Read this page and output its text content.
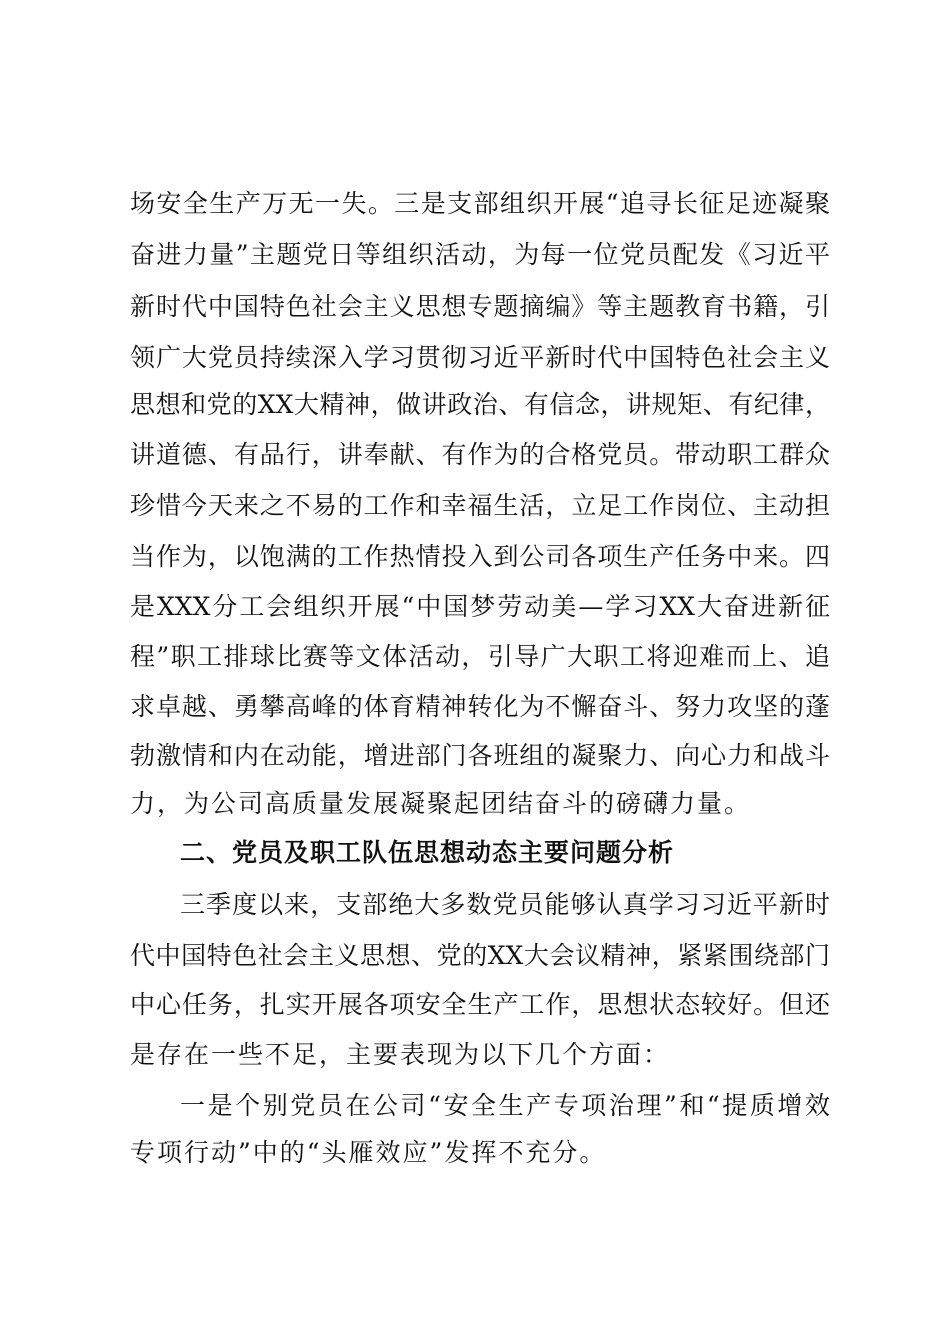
场安全生产万无一失。三是支部组织开展“追寻长征足迹凝聚
奋进力量”主题党日等组织活动，为每一位党员配发《习近平
新时代中国特色社会主义思想专题摘编》等主题教育书籍，引
领广大党员持续深入学习贯彻习近平新时代中国特色社会主义
思想和党的XX大精神，做讲政治、有信念，讲规矩、有纪律，
讲道德、有品行，讲奉献、有作为的合格党员。带动职工群众
珍惜今天来之不易的工作和幸福生活，立足工作岗位、主动担
当作为，以饱满的工作热情投入到公司各项生产任务中来。四
是XXX分工会组织开展“中国梦劳动美—学习XX大奋进新征
程”职工排球比赛等文体活动，引导广大职工将迎难而上、追
求卓越、勇攀高峰的体育精神转化为不懈奋斗、努力攻坚的蓬
勃激情和内在动能，增进部门各班组的凝聚力、向心力和战斗
力，为公司高质量发展凝聚起团结奋斗的磅礴力量。
二、党员及职工队伍思想动态主要问题分析
三季度以来，支部绝大多数党员能够认真学习习近平新时
代中国特色社会主义思想、党的XX大会议精神，紧紧围绕部门
中心任务，扎实开展各项安全生产工作，思想状态较好。但还
是存在一些不足，主要表现为以下几个方面：
一是个别党员在公司“安全生产专项治理”和“提质增效
专项行动”中的“头雁效应”发挥不充分。
